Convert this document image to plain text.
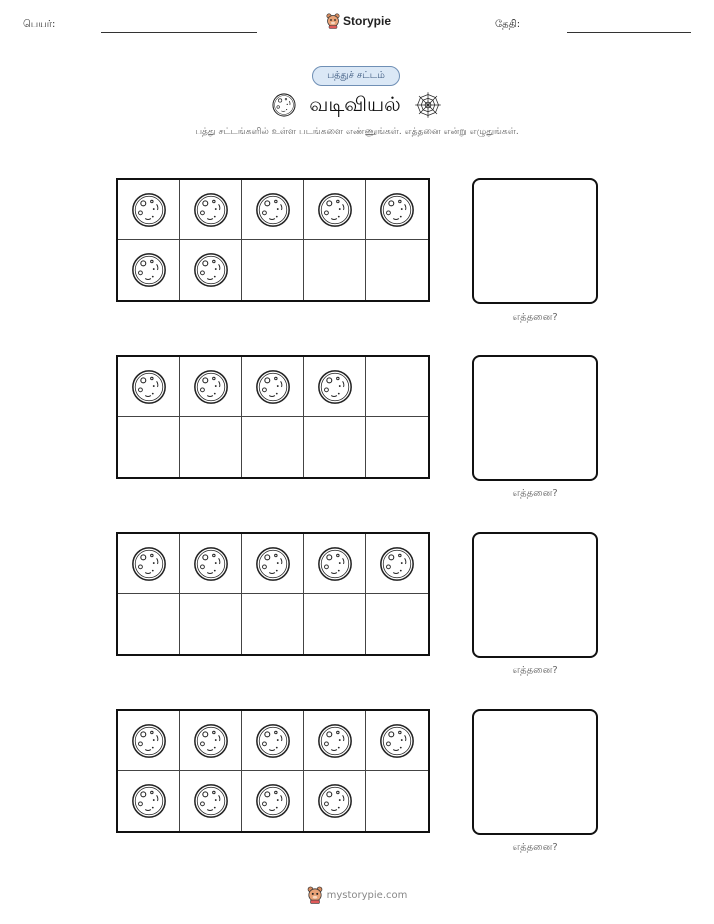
பெயர்:	Storypie	தேதி:
பத்துச் சட்டம்
வடிவியல்
பத்து சட்டங்களில் உள்ள படங்களை எண்ணுங்கள். எத்தனை என்று எழுதுங்கள்.
எத்தனை?
எத்தனை?
எத்தனை?
எத்தனை?
mystorypie.com
